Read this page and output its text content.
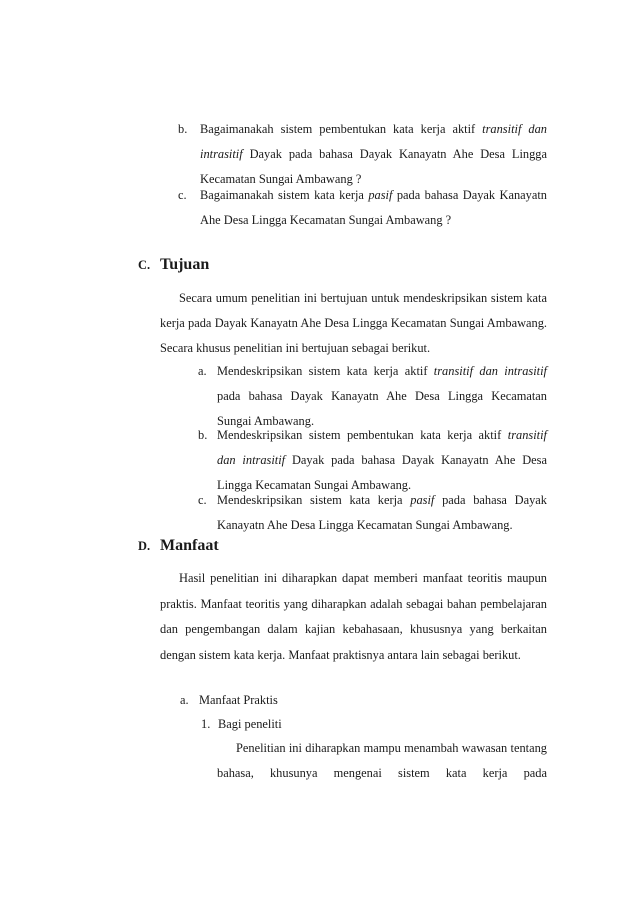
b. Bagaimanakah sistem pembentukan kata kerja aktif transitif dan intrasitif Dayak pada bahasa Dayak Kanayatn Ahe Desa Lingga Kecamatan Sungai Ambawang ?
c. Bagaimanakah sistem kata kerja pasif pada bahasa Dayak Kanayatn Ahe Desa Lingga Kecamatan Sungai Ambawang ?
C. Tujuan
Secara umum penelitian ini bertujuan untuk mendeskripsikan sistem kata kerja pada Dayak Kanayatn Ahe Desa Lingga Kecamatan Sungai Ambawang. Secara khusus penelitian ini bertujuan sebagai berikut.
a. Mendeskripsikan sistem kata kerja aktif transitif dan intrasitif pada bahasa Dayak Kanayatn Ahe Desa Lingga Kecamatan Sungai Ambawang.
b. Mendeskripsikan sistem pembentukan kata kerja aktif transitif dan intrasitif Dayak pada bahasa Dayak Kanayatn Ahe Desa Lingga Kecamatan Sungai Ambawang.
c. Mendeskripsikan sistem kata kerja pasif pada bahasa Dayak Kanayatn Ahe Desa Lingga Kecamatan Sungai Ambawang.
D. Manfaat
Hasil penelitian ini diharapkan dapat memberi manfaat teoritis maupun praktis. Manfaat teoritis yang diharapkan adalah sebagai bahan pembelajaran dan pengembangan dalam kajian kebahasaan, khususnya yang berkaitan dengan sistem kata kerja. Manfaat praktisnya antara lain sebagai berikut.
a. Manfaat Praktis
1. Bagi peneliti
Penelitian ini diharapkan mampu menambah wawasan tentang bahasa, khusunya mengenai sistem kata kerja pada
